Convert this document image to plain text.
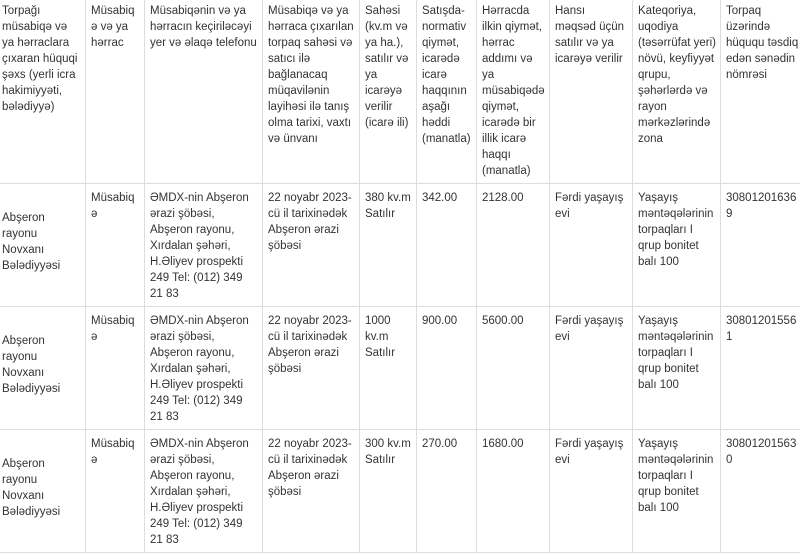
Torpağı müsabiqə və ya hərraclara çıxaran hüquqi şəxs (yerli icra hakimiyyəti, bələdiyyə)	Müsabiqə və ya hərrac	Müsabiqənin və ya hərracın keçiriləcəyi yer və əlaqə telefonu	Müsabiqə və ya hərraca çıxarılan torpaq sahəsi və satıcı ilə bağlanacaq müqavilənin layihəsi ilə tanış olma tarixi, vaxtı və ünvanı	Sahəsi (kv.m və ya ha.), satılır və ya icarəyə verilir (icarə ili)	Satışda-normativ qiymət, icarədə icarə haqqının aşağı həddi (manatla)	Hərracda ilkin qiymət, hərrac addımı və ya müsabiqədə qiymət, icarədə bir illik icarə haqqı (manatla)	Hansı məqsəd üçün satılır və ya icarəyə verilir	Kateqoriya, uqodiya (təsərrüfat yeri) növü, keyfiyyət qrupu, şəhərlərdə və rayon mərkəzlərində zona	Torpaq üzərində hüququ təsdiq edən sənədin nömrəsi
Abşeron rayonu Novxanı Bələdiyyəsi	Müsabiqə	ƏMDX-nin Abşeron ərazi şöbəsi, Abşeron rayonu, Xırdalan şəhəri, H.Əliyev prospekti 249 Tel: (012) 349 21 83	22 noyabr 2023-cü il tarixinədək Abşeron ərazi şöbəsi	380 kv.m Satılır	342.00	2128.00	Fərdi yaşayış evi	Yaşayış məntəqələrinin torpaqları I qrup bonitet balı 100	308012016369
Abşeron rayonu Novxanı Bələdiyyəsi	Müsabiqə	ƏMDX-nin Abşeron ərazi şöbəsi, Abşeron rayonu, Xırdalan şəhəri, H.Əliyev prospekti 249 Tel: (012) 349 21 83	22 noyabr 2023-cü il tarixinədək Abşeron ərazi şöbəsi	1000 kv.m Satılır	900.00	5600.00	Fərdi yaşayış evi	Yaşayış məntəqələrinin torpaqları I qrup bonitet balı 100	308012015561
Abşeron rayonu Novxanı Bələdiyyəsi	Müsabiqə	ƏMDX-nin Abşeron ərazi şöbəsi, Abşeron rayonu, Xırdalan şəhəri, H.Əliyev prospekti 249 Tel: (012) 349 21 83	22 noyabr 2023-cü il tarixinədək Abşeron ərazi şöbəsi	300 kv.m Satılır	270.00	1680.00	Fərdi yaşayış evi	Yaşayış məntəqələrinin torpaqları I qrup bonitet balı 100	308012015630
